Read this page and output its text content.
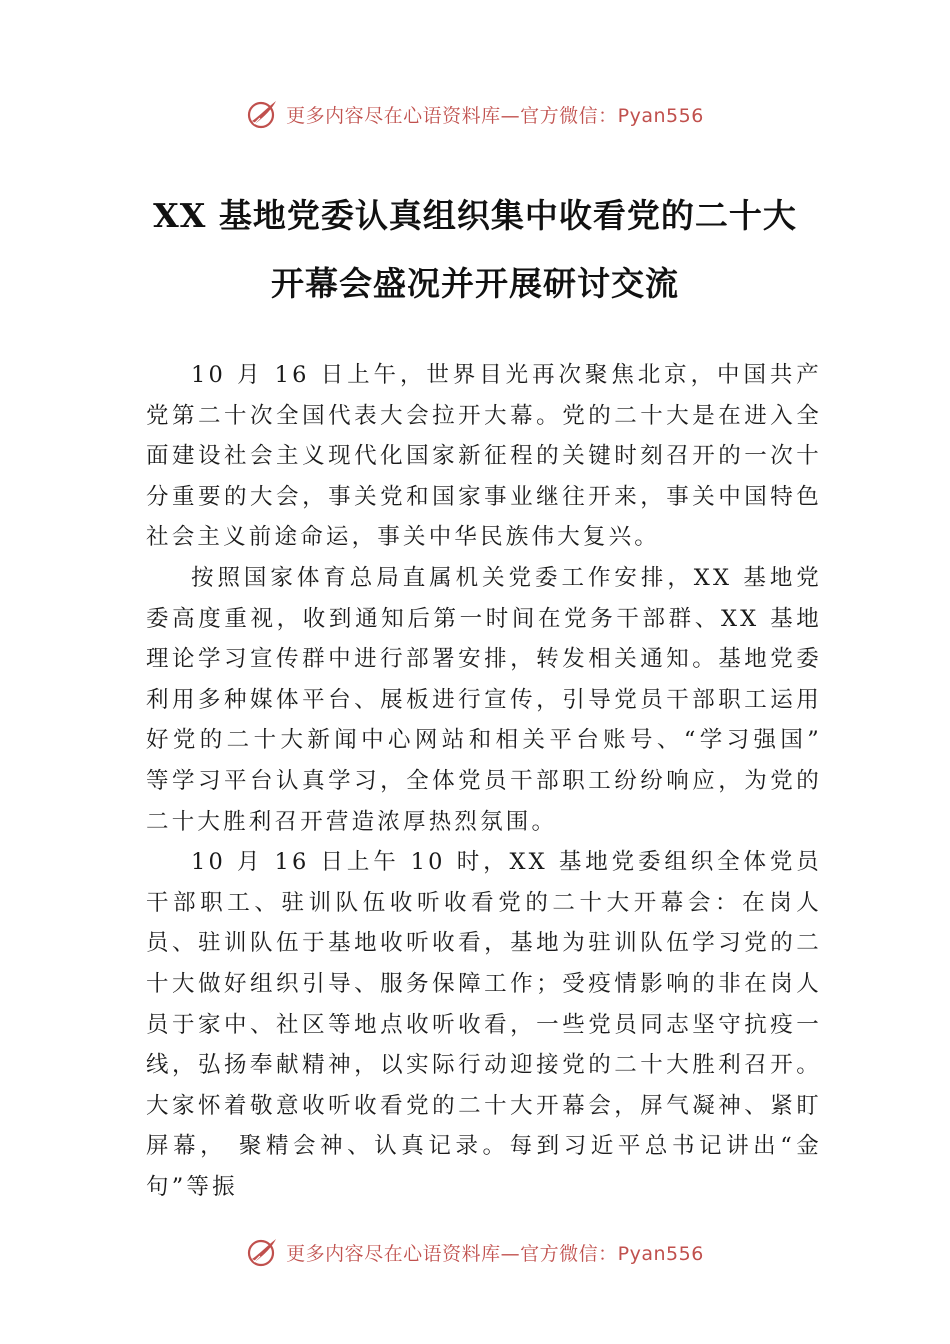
更多内容尽在心语资料库—官方微信：Pyan556
XX 基地党委认真组织集中收看党的二十大
开幕会盛况并开展研讨交流

10 月 16 日上午，世界目光再次聚焦北京，中国共产党第二十次全国代表大会拉开大幕。党的二十大是在进入全面建设社会主义现代化国家新征程的关键时刻召开的一次十分重要的大会，事关党和国家事业继往开来，事关中国特色社会主义前途命运，事关中华民族伟大复兴。

按照国家体育总局直属机关党委工作安排，XX 基地党委高度重视，收到通知后第一时间在党务干部群、XX 基地理论学习宣传群中进行部署安排，转发相关通知。基地党委利用多种媒体平台、展板进行宣传，引导党员干部职工运用好党的二十大新闻中心网站和相关平台账号、“学习强国” 等学习平台认真学习，全体党员干部职工纷纷响应，为党的二十大胜利召开营造浓厚热烈氛围。

10 月 16 日上午 10 时，XX 基地党委组织全体党员干部职工、驻训队伍收听收看党的二十大开幕会：在岗人员、驻训队伍于基地收听收看，基地为驻训队伍学习党的二十大做好组织引导、服务保障工作；受疫情影响的非在岗人员于家中、社区等地点收听收看，一些党员同志坚守抗疫一线，弘扬奉献精神，以实际行动迎接党的二十大胜利召开。大家怀着敬意收听收看党的二十大开幕会，屏气凝神、紧盯屏幕， 聚精会神、认真记录。每到习近平总书记讲出“金句”等振

更多内容尽在心语资料库—官方微信：Pyan556
